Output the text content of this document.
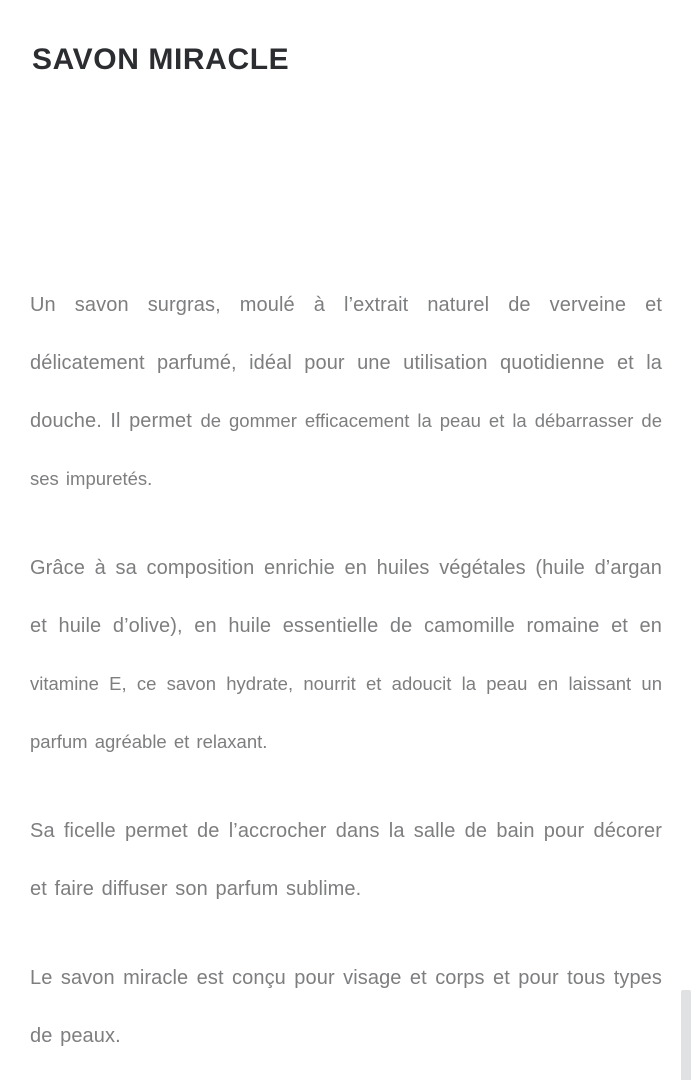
SAVON MIRACLE

Un savon surgras, moulé à l’extrait naturel de verveine et délicatement parfumé, idéal pour une utilisation quotidienne et la douche. Il permet de gommer efficacement la peau et la débarrasser de ses impuretés.

Grâce à sa composition enrichie en huiles végétales (huile d’argan et huile d’olive), en huile essentielle de camomille romaine et en vitamine E, ce savon hydrate, nourrit et adoucit la peau en laissant un parfum agréable et relaxant.

Sa ficelle permet de l’accrocher dans la salle de bain pour décorer et faire diffuser son parfum sublime.

Le savon miracle est conçu pour visage et corps et pour tous types de peaux.
